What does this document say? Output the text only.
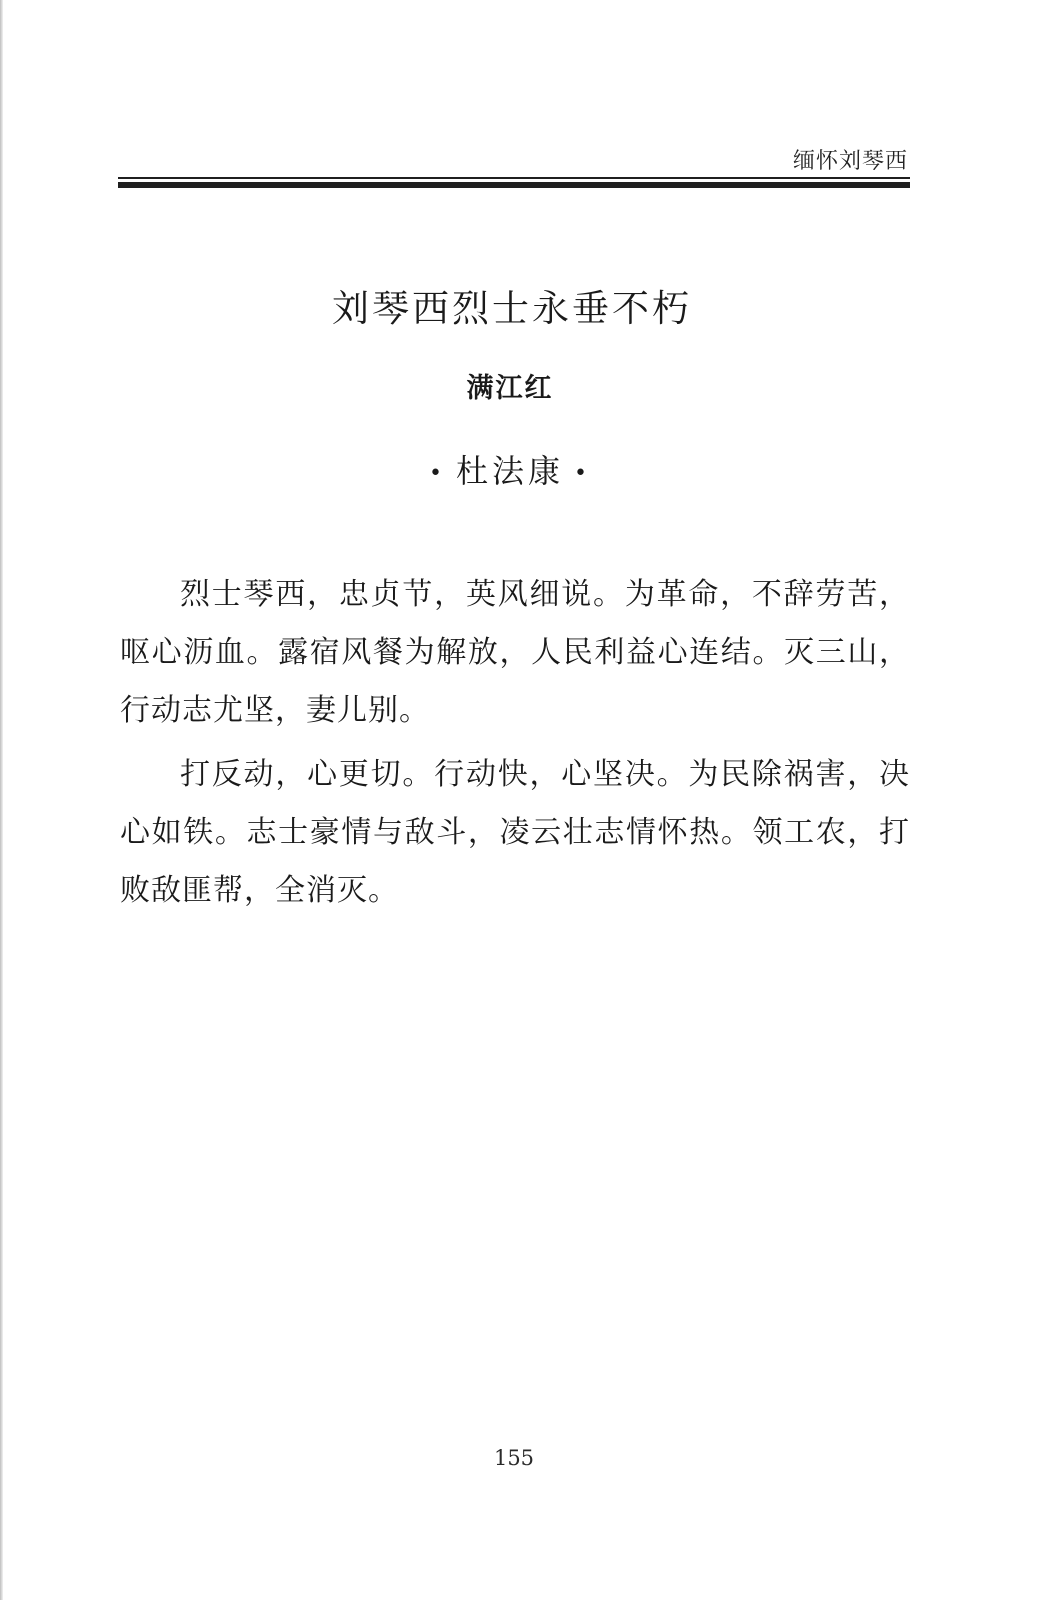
缅怀刘琴西
刘琴西烈士永垂不朽
满江红
• 杜法康 •

烈士琴西，忠贞节，英风细说。为革命，不辞劳苦，呕心沥血。露宿风餐为解放，人民利益心连结。灭三山，行动志尤坚，妻儿别。

打反动，心更切。行动快，心坚决。为民除祸害，决心如铁。志士豪情与敌斗，凌云壮志情怀热。领工农，打败敌匪帮，全消灭。

155
